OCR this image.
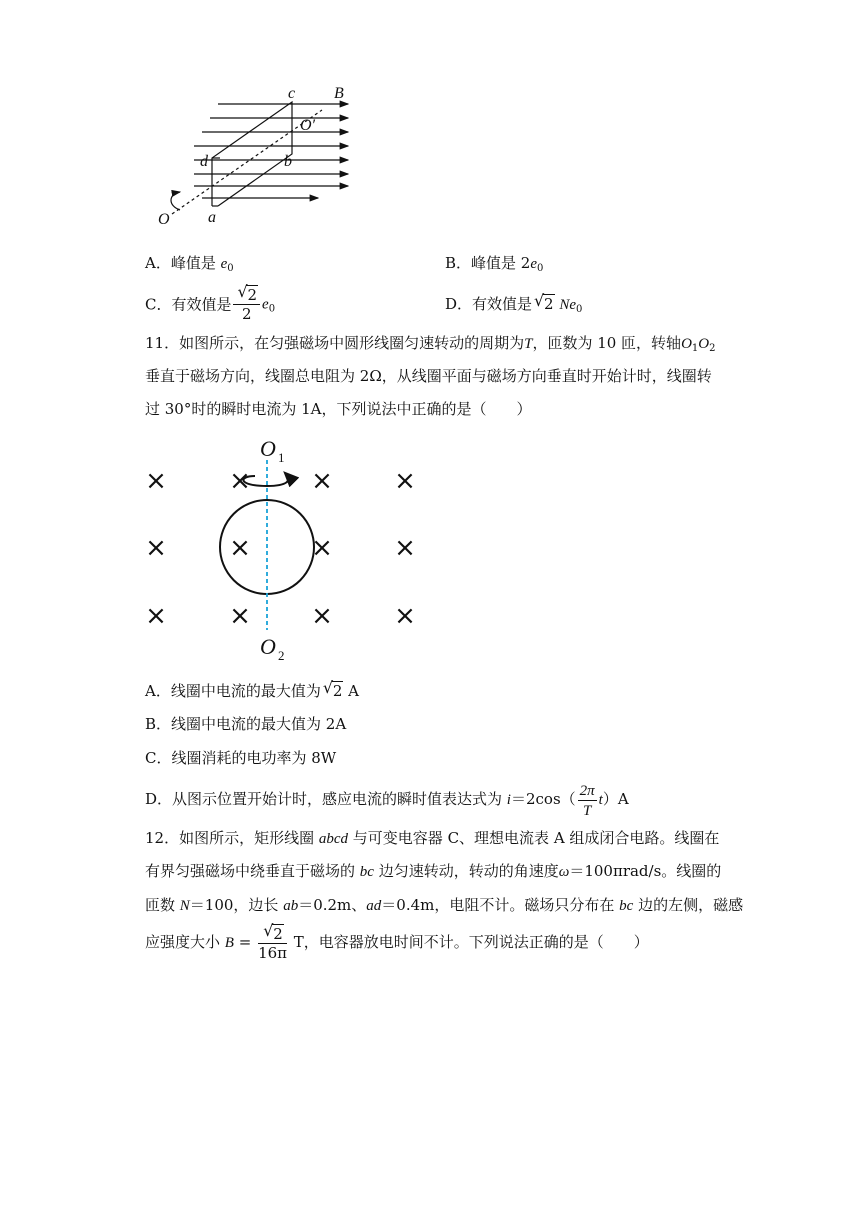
c B
O′
d	b
O a
A．峰值是 $e_0$	B．峰值是 $2e_0$
C．有效值是 $\frac{√ 2}{2} e_0$	D．有效值是 √ 2 $Ne_0$
11．如图所示，在匀强磁场中圆形线圈匀速转动的周期为T，匝数为 10 匝，转轴$O_1O_2$
垂直于磁场方向，线圈总电阻为 2Ω，从线圈平面与磁场方向垂直时开始计时，线圈转
过 30°时的瞬时电流为 1A，下列说法中正确的是（　　）
× × × ×
× × × ×
× × × ×
O
O
1
2
A．线圈中电流的最大值为 √ 2 A
B．线圈中电流的最大值为 2A
C．线圈消耗的电功率为 8W
D．从图示位置开始计时，感应电流的瞬时值表达式为 $i=2\cos( \frac{2\pi}{T} t)A$
12．如图所示，矩形线圈 abcd 与可变电容器 C、理想电流表 A 组成闭合电路。线圈在
有界匀强磁场中绕垂直于磁场的 bc 边匀速转动，转动的角速度ω＝100πrad/s。线圈的
匝数 N＝100，边长 ab＝0.2m、ad＝0.4m，电阻不计。磁场只分布在 bc 边的左侧，磁感
应强度大小 $B = \frac{√ 2}{16\pi}$ T，电容器放电时间不计。下列说法正确的是（　　）
